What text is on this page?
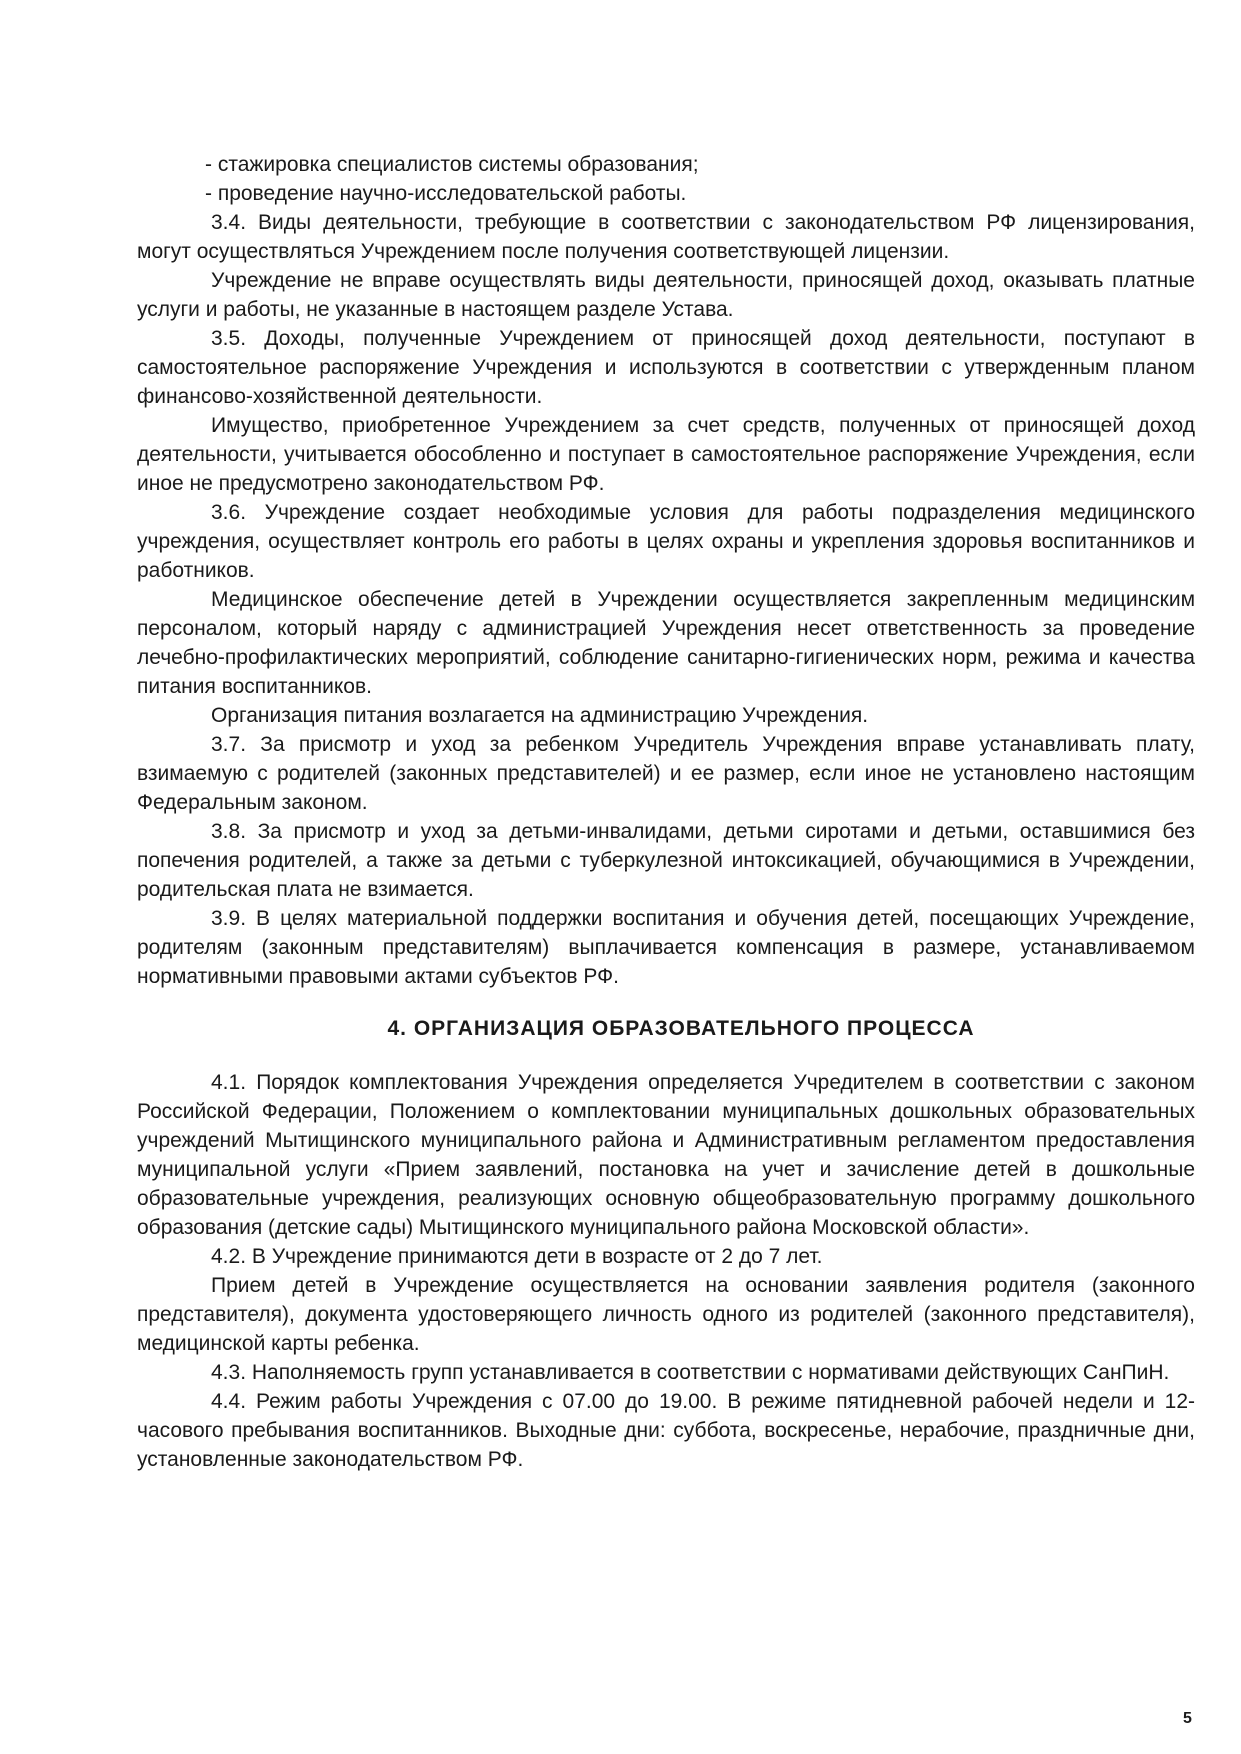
- стажировка специалистов системы образования;

- проведение научно-исследовательской работы.

3.4. Виды деятельности, требующие в соответствии с законодательством РФ лицензирования, могут осуществляться Учреждением после получения соответствующей лицензии.

Учреждение не вправе осуществлять виды деятельности, приносящей доход, оказывать платные услуги и работы, не указанные в настоящем разделе Устава.

3.5. Доходы, полученные Учреждением от приносящей доход деятельности, поступают в самостоятельное распоряжение Учреждения и используются в соответствии с утвержденным планом финансово-хозяйственной деятельности.

Имущество, приобретенное Учреждением за счет средств, полученных от приносящей доход деятельности, учитывается обособленно и поступает в самостоятельное распоряжение Учреждения, если иное не предусмотрено законодательством РФ.

3.6. Учреждение создает необходимые условия для работы подразделения медицинского учреждения, осуществляет контроль его работы в целях охраны и укрепления здоровья воспитанников и работников.

Медицинское обеспечение детей в Учреждении осуществляется закрепленным медицинским персоналом, который наряду с администрацией Учреждения несет ответственность за проведение лечебно-профилактических мероприятий, соблюдение санитарно-гигиенических норм, режима и качества питания воспитанников.

Организация питания возлагается на администрацию Учреждения.

3.7. За присмотр и уход за ребенком Учредитель Учреждения вправе устанавливать плату, взимаемую с родителей (законных представителей) и ее размер, если иное не установлено настоящим Федеральным законом.

3.8. За присмотр и уход за детьми-инвалидами, детьми сиротами и детьми, оставшимися без попечения родителей, а также за детьми с туберкулезной интоксикацией, обучающимися в Учреждении, родительская плата не взимается.

3.9. В целях материальной поддержки воспитания и обучения детей, посещающих Учреждение, родителям (законным представителям) выплачивается компенсация в размере, устанавливаемом нормативными правовыми актами субъектов РФ.

4. ОРГАНИЗАЦИЯ ОБРАЗОВАТЕЛЬНОГО ПРОЦЕССА

4.1. Порядок комплектования Учреждения определяется Учредителем в соответствии с законом Российской Федерации, Положением о комплектовании муниципальных дошкольных образовательных учреждений Мытищинского муниципального района и Административным регламентом предоставления муниципальной услуги «Прием заявлений, постановка на учет и зачисление детей в дошкольные образовательные учреждения, реализующих основную общеобразовательную программу дошкольного образования (детские сады) Мытищинского муниципального района Московской области».

4.2. В Учреждение принимаются дети в возрасте от 2 до 7 лет.

Прием детей в Учреждение осуществляется на основании заявления родителя (законного представителя), документа удостоверяющего личность одного из родителей (законного представителя), медицинской карты ребенка.

4.3. Наполняемость групп устанавливается в соответствии с нормативами действующих СанПиН.

4.4. Режим работы Учреждения с 07.00 до 19.00. В режиме пятидневной рабочей недели и 12-часового пребывания воспитанников. Выходные дни: суббота, воскресенье, нерабочие, праздничные дни, установленные законодательством РФ.

5
